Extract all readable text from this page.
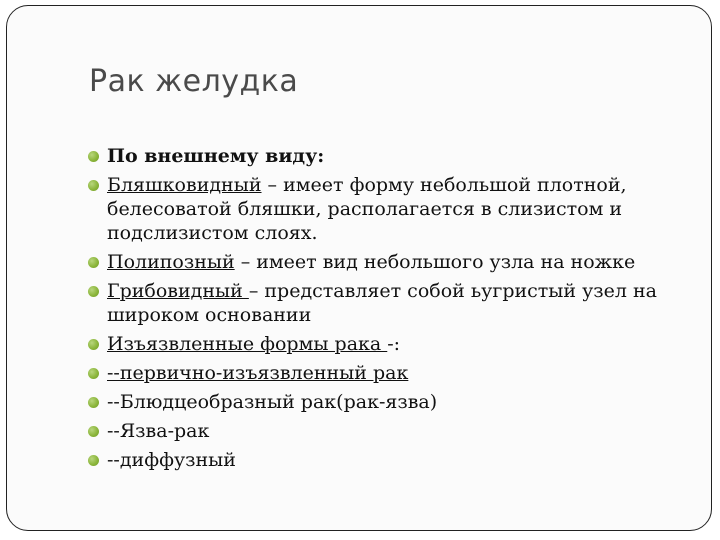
Рак желудка
По внешнему виду:
Бляшковидный – имеет форму небольшой плотной, белесоватой бляшки, располагается в слизистом и подслизистом слоях.
Полипозный – имеет вид небольшого узла на ножке
Грибовидный – представляет собой ьугристый узел на широком основании
Изъязвленные формы рака -:
--первично-изъязвленный рак
--Блюдцеобразный рак(рак-язва)
--Язва-рак
--диффузный
